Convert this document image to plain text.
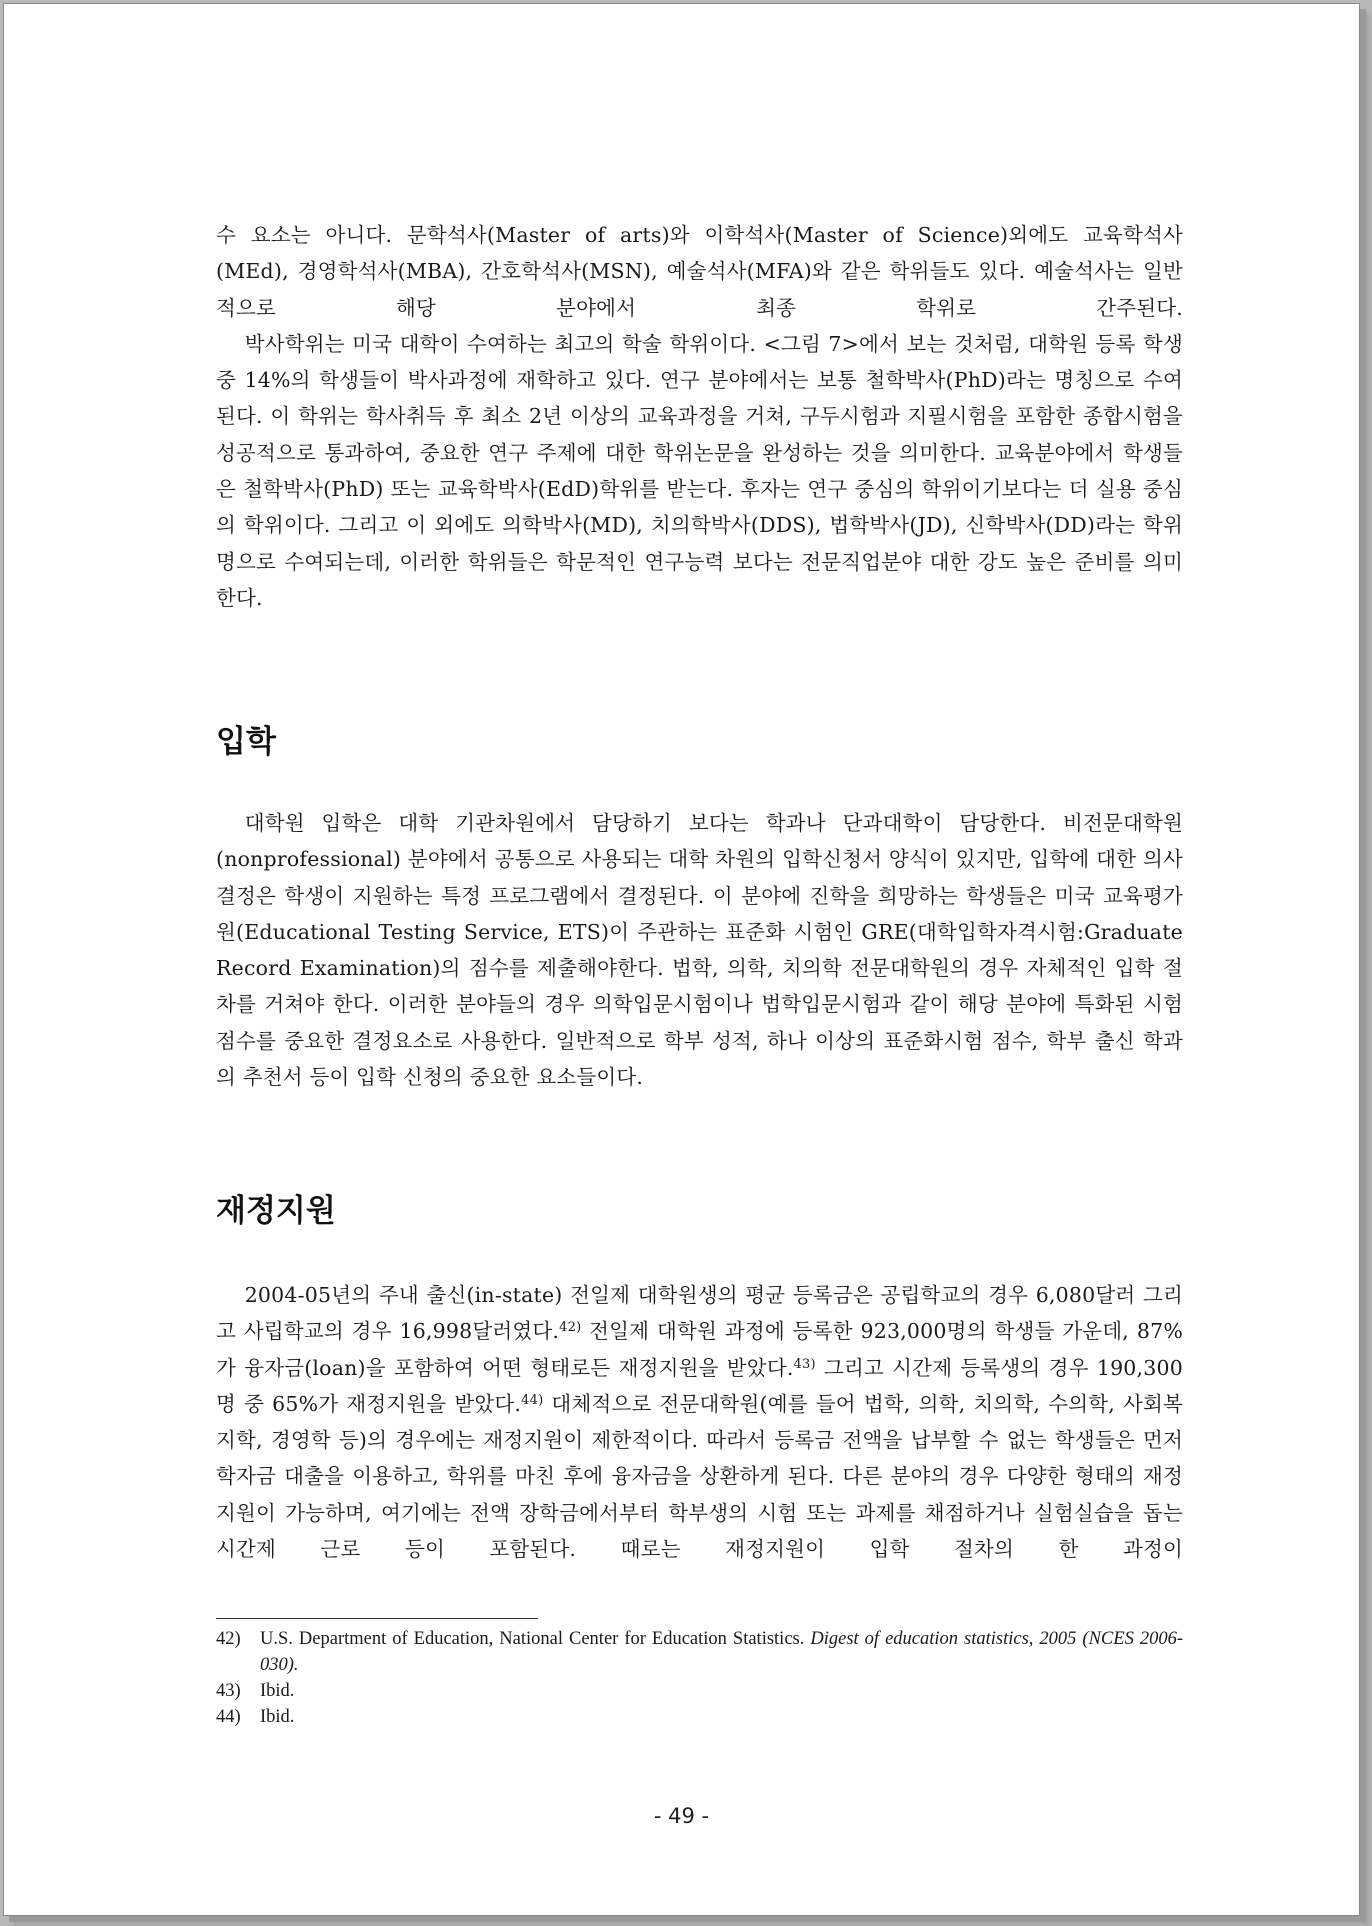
수 요소는 아니다. 문학석사(Master of arts)와 이학석사(Master of Science)외에도 교육학석사(MEd), 경영학석사(MBA), 간호학석사(MSN), 예술석사(MFA)와 같은 학위들도 있다. 예술석사는 일반적으로 해당 분야에서 최종 학위로 간주된다.

박사학위는 미국 대학이 수여하는 최고의 학술 학위이다. <그림 7>에서 보는 것처럼, 대학원 등록 학생 중 14%의 학생들이 박사과정에 재학하고 있다. 연구 분야에서는 보통 철학박사(PhD)라는 명칭으로 수여된다. 이 학위는 학사취득 후 최소 2년 이상의 교육과정을 거쳐, 구두시험과 지필시험을 포함한 종합시험을 성공적으로 통과하여, 중요한 연구 주제에 대한 학위논문을 완성하는 것을 의미한다. 교육분야에서 학생들은 철학박사(PhD) 또는 교육학박사(EdD)학위를 받는다. 후자는 연구 중심의 학위이기보다는 더 실용 중심의 학위이다. 그리고 이 외에도 의학박사(MD), 치의학박사(DDS), 법학박사(JD), 신학박사(DD)라는 학위명으로 수여되는데, 이러한 학위들은 학문적인 연구능력 보다는 전문직업분야 대한 강도 높은 준비를 의미한다.

입학

대학원 입학은 대학 기관차원에서 담당하기 보다는 학과나 단과대학이 담당한다. 비전문대학원(nonprofessional) 분야에서 공통으로 사용되는 대학 차원의 입학신청서 양식이 있지만, 입학에 대한 의사결정은 학생이 지원하는 특정 프로그램에서 결정된다. 이 분야에 진학을 희망하는 학생들은 미국 교육평가원(Educational Testing Service, ETS)이 주관하는 표준화 시험인 GRE(대학입학자격시험:Graduate Record Examination)의 점수를 제출해야한다. 법학, 의학, 치의학 전문대학원의 경우 자체적인 입학 절차를 거쳐야 한다. 이러한 분야들의 경우 의학입문시험이나 법학입문시험과 같이 해당 분야에 특화된 시험 점수를 중요한 결정요소로 사용한다. 일반적으로 학부 성적, 하나 이상의 표준화시험 점수, 학부 출신 학과의 추천서 등이 입학 신청의 중요한 요소들이다.

재정지원

2004-05년의 주내 출신(in-state) 전일제 대학원생의 평균 등록금은 공립학교의 경우 6,080달러 그리고 사립학교의 경우 16,998달러였다.$^{42)}$ 전일제 대학원 과정에 등록한 923,000명의 학생들 가운데, 87%가 융자금(loan)을 포함하여 어떤 형태로든 재정지원을 받았다.$^{43)}$ 그리고 시간제 등록생의 경우 190,300명 중 65%가 재정지원을 받았다.$^{44)}$ 대체적으로 전문대학원(예를 들어 법학, 의학, 치의학, 수의학, 사회복지학, 경영학 등)의 경우에는 재정지원이 제한적이다. 따라서 등록금 전액을 납부할 수 없는 학생들은 먼저 학자금 대출을 이용하고, 학위를 마친 후에 융자금을 상환하게 된다. 다른 분야의 경우 다양한 형태의 재정 지원이 가능하며, 여기에는 전액 장학금에서부터 학부생의 시험 또는 과제를 채점하거나 실험실습을 돕는 시간제 근로 등이 포함된다. 때로는 재정지원이 입학 절차의 한 과정이

42)	U.S. Department of Education, National Center for Education Statistics. Digest of education statistics, 2005 (NCES 2006-030).
43)	Ibid.
44)	Ibid.
- 49 -
